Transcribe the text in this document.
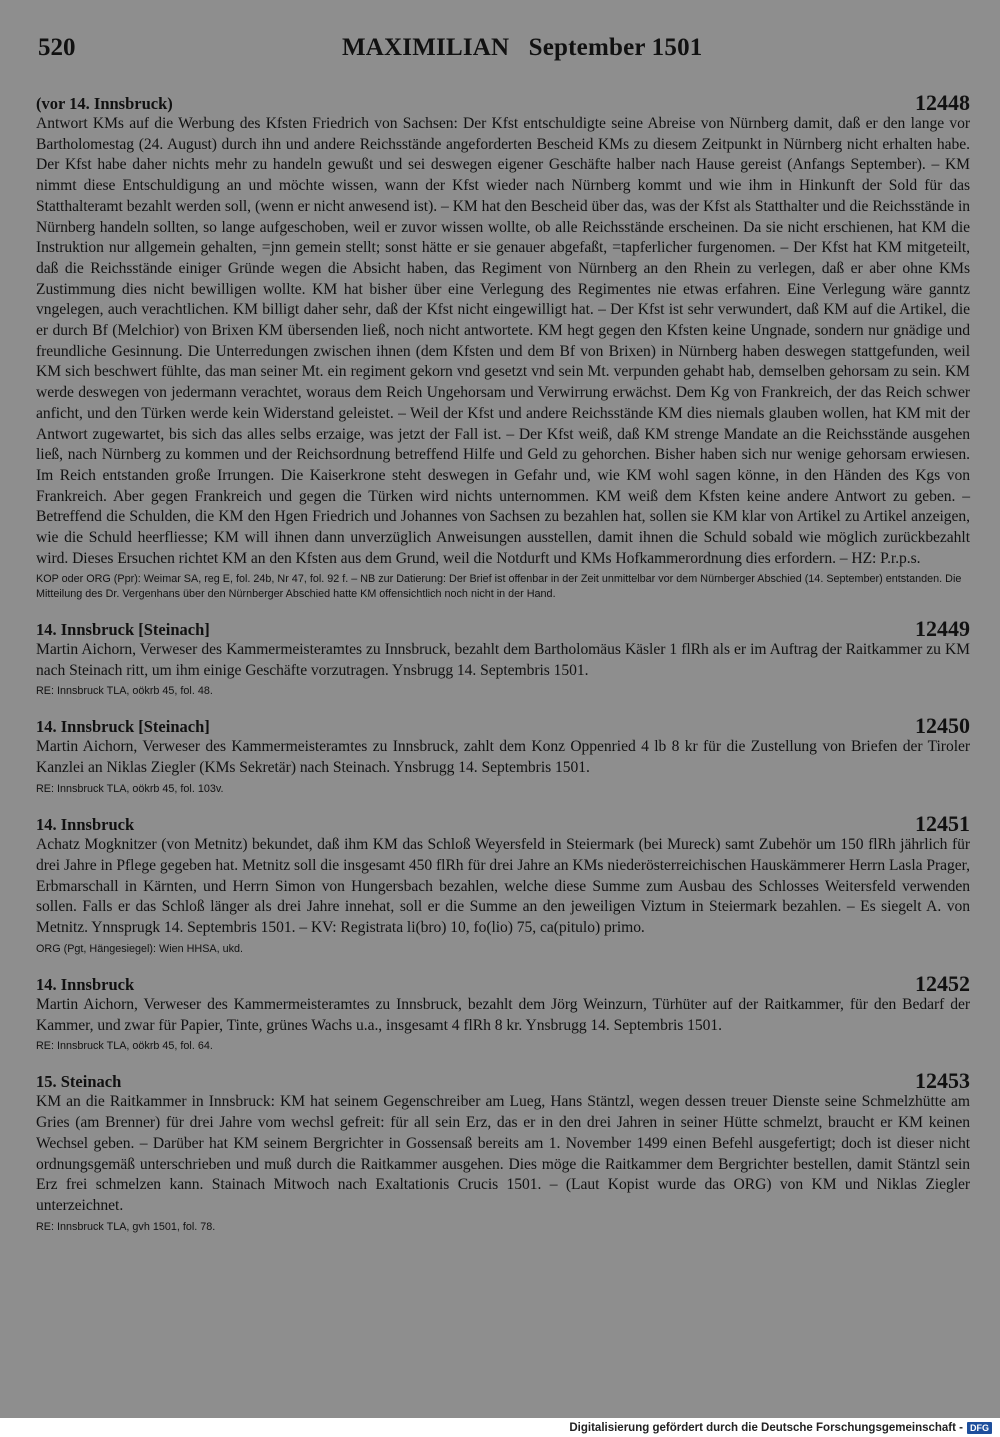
520	MAXIMILIAN   September 1501
(vor 14. Innsbruck)	12448
Antwort KMs auf die Werbung des Kfsten Friedrich von Sachsen: Der Kfst entschuldigte seine Abreise von Nürnberg damit, daß er den lange vor Bartholomestag (24. August) durch ihn und andere Reichsstände angeforderten Bescheid KMs zu diesem Zeitpunkt in Nürnberg nicht erhalten habe. Der Kfst habe daher nichts mehr zu handeln gewußt und sei deswegen eigener Geschäfte halber nach Hause gereist (Anfangs September). – KM nimmt diese Entschuldigung an und möchte wissen, wann der Kfst wieder nach Nürnberg kommt und wie ihm in Hinkunft der Sold für das Statthalteramt bezahlt werden soll, (wenn er nicht anwesend ist). – KM hat den Bescheid über das, was der Kfst als Statthalter und die Reichsstände in Nürnberg handeln sollten, so lange aufgeschoben, weil er zuvor wissen wollte, ob alle Reichsstände erscheinen. Da sie nicht erschienen, hat KM die Instruktion nur allgemein gehalten, =jnn gemein stellt; sonst hätte er sie genauer abgefaßt, =tapferlicher furgenomen. – Der Kfst hat KM mitgeteilt, daß die Reichsstände einiger Gründe wegen die Absicht haben, das Regiment von Nürnberg an den Rhein zu verlegen, daß er aber ohne KMs Zustimmung dies nicht bewilligen wollte. KM hat bisher über eine Verlegung des Regimentes nie etwas erfahren. Eine Verlegung wäre ganntz vngelegen, auch verachtlichen. KM billigt daher sehr, daß der Kfst nicht eingewilligt hat. – Der Kfst ist sehr verwundert, daß KM auf die Artikel, die er durch Bf (Melchior) von Brixen KM übersenden ließ, noch nicht antwortete. KM hegt gegen den Kfsten keine Ungnade, sondern nur gnädige und freundliche Gesinnung. Die Unterredungen zwischen ihnen (dem Kfsten und dem Bf von Brixen) in Nürnberg haben deswegen stattgefunden, weil KM sich beschwert fühlte, das man seiner Mt. ein regiment gekorn vnd gesetzt vnd sein Mt. verpunden gehabt hab, demselben gehorsam zu sein. KM werde deswegen von jedermann verachtet, woraus dem Reich Ungehorsam und Verwirrung erwächst. Dem Kg von Frankreich, der das Reich schwer anficht, und den Türken werde kein Widerstand geleistet. – Weil der Kfst und andere Reichsstände KM dies niemals glauben wollen, hat KM mit der Antwort zugewartet, bis sich das alles selbs erzaige, was jetzt der Fall ist. – Der Kfst weiß, daß KM strenge Mandate an die Reichsstände ausgehen ließ, nach Nürnberg zu kommen und der Reichsordnung betreffend Hilfe und Geld zu gehorchen. Bisher haben sich nur wenige gehorsam erwiesen. Im Reich entstanden große Irrungen. Die Kaiserkrone steht deswegen in Gefahr und, wie KM wohl sagen könne, in den Händen des Kgs von Frankreich. Aber gegen Frankreich und gegen die Türken wird nichts unternommen. KM weiß dem Kfsten keine andere Antwort zu geben. – Betreffend die Schulden, die KM den Hgen Friedrich und Johannes von Sachsen zu bezahlen hat, sollen sie KM klar von Artikel zu Artikel anzeigen, wie die Schuld heerfliesse; KM will ihnen dann unverzüglich Anweisungen ausstellen, damit ihnen die Schuld sobald wie möglich zurückbezahlt wird. Dieses Ersuchen richtet KM an den Kfsten aus dem Grund, weil die Notdurft und KMs Hofkammerordnung dies erfordern. – HZ: P.r.p.s.
KOP oder ORG (Ppr): Weimar SA, reg E, fol. 24b, Nr 47, fol. 92 f. – NB zur Datierung: Der Brief ist offenbar in der Zeit unmittelbar vor dem Nürnberger Abschied (14. September) entstanden. Die Mitteilung des Dr. Vergenhans über den Nürnberger Abschied hatte KM offensichtlich noch nicht in der Hand.
14. Innsbruck [Steinach]	12449
Martin Aichorn, Verweser des Kammermeisteramtes zu Innsbruck, bezahlt dem Bartholomäus Käsler 1 flRh als er im Auftrag der Raitkammer zu KM nach Steinach ritt, um ihm einige Geschäfte vorzutragen. Ynsbrugg 14. Septembris 1501.
RE: Innsbruck TLA, oökrb 45, fol. 48.
14. Innsbruck [Steinach]	12450
Martin Aichorn, Verweser des Kammermeisteramtes zu Innsbruck, zahlt dem Konz Oppenried 4 lb 8 kr für die Zustellung von Briefen der Tiroler Kanzlei an Niklas Ziegler (KMs Sekretär) nach Steinach. Ynsbrugg 14. Septembris 1501.
RE: Innsbruck TLA, oökrb 45, fol. 103v.
14. Innsbruck	12451
Achatz Mogknitzer (von Metnitz) bekundet, daß ihm KM das Schloß Weyersfeld in Steiermark (bei Mureck) samt Zubehör um 150 flRh jährlich für drei Jahre in Pflege gegeben hat. Metnitz soll die insgesamt 450 flRh für drei Jahre an KMs niederösterreichischen Hauskämmerer Herrn Lasla Prager, Erbmarschall in Kärnten, und Herrn Simon von Hungersbach bezahlen, welche diese Summe zum Ausbau des Schlosses Weitersfeld verwenden sollen. Falls er das Schloß länger als drei Jahre innehat, soll er die Summe an den jeweiligen Viztum in Steiermark bezahlen. – Es siegelt A. von Metnitz. Ynnsprugk 14. Septembris 1501. – KV: Registrata li(bro) 10, fo(lio) 75, ca(pitulo) primo.
ORG (Pgt, Hängesiegel): Wien HHSA, ukd.
14. Innsbruck	12452
Martin Aichorn, Verweser des Kammermeisteramtes zu Innsbruck, bezahlt dem Jörg Weinzurn, Türhüter auf der Raitkammer, für den Bedarf der Kammer, und zwar für Papier, Tinte, grünes Wachs u.a., insgesamt 4 flRh 8 kr. Ynsbrugg 14. Septembris 1501.
RE: Innsbruck TLA, oökrb 45, fol. 64.
15. Steinach	12453
KM an die Raitkammer in Innsbruck: KM hat seinem Gegenschreiber am Lueg, Hans Stäntzl, wegen dessen treuer Dienste seine Schmelzhütte am Gries (am Brenner) für drei Jahre vom wechsl gefreit: für all sein Erz, das er in den drei Jahren in seiner Hütte schmelzt, braucht er KM keinen Wechsel geben. – Darüber hat KM seinem Bergrichter in Gossensaß bereits am 1. November 1499 einen Befehl ausgefertigt; doch ist dieser nicht ordnungsgemäß unterschrieben und muß durch die Raitkammer ausgehen. Dies möge die Raitkammer dem Bergrichter bestellen, damit Stäntzl sein Erz frei schmelzen kann. Stainach Mitwoch nach Exaltationis Crucis 1501. – (Laut Kopist wurde das ORG) von KM und Niklas Ziegler unterzeichnet.
RE: Innsbruck TLA, gvh 1501, fol. 78.
Digitalisierung gefördert durch die Deutsche Forschungsgemeinschaft - DFG
